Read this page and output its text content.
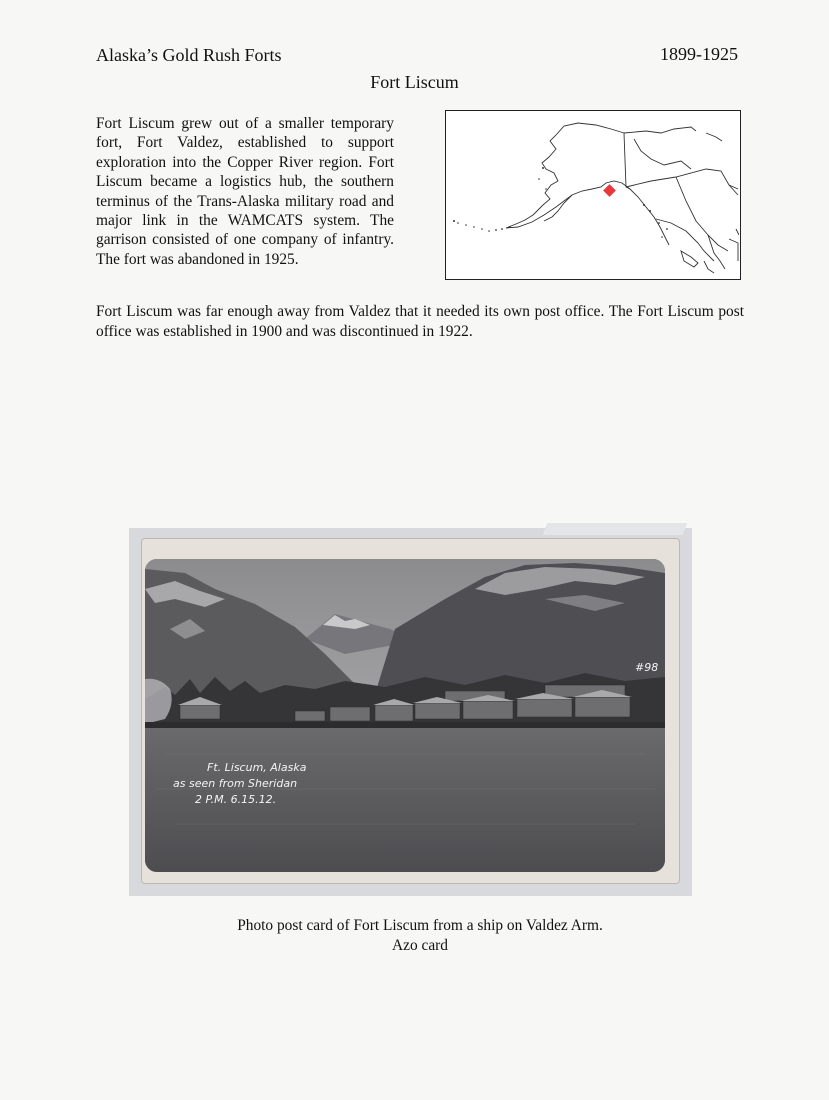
Alaska’s Gold Rush Forts	1899-1925
Fort Liscum
Fort Liscum grew out of a smaller temporary fort, Fort Valdez, established to support exploration into the Copper River region. Fort Liscum became a logistics hub, the southern terminus of the Trans-Alaska military road and major link in the WAMCATS system. The garrison consisted of one company of infantry. The fort was abandoned in 1925.
Fort Liscum was far enough away from Valdez that it needed its own post office. The Fort Liscum post office was established in 1900 and was discontinued in 1922.
#98
Ft. Liscum, Alaska
as seen from Sheridan
2 P.M. 6.15.12.
Photo post card of Fort Liscum from a ship on Valdez Arm.
Azo card
